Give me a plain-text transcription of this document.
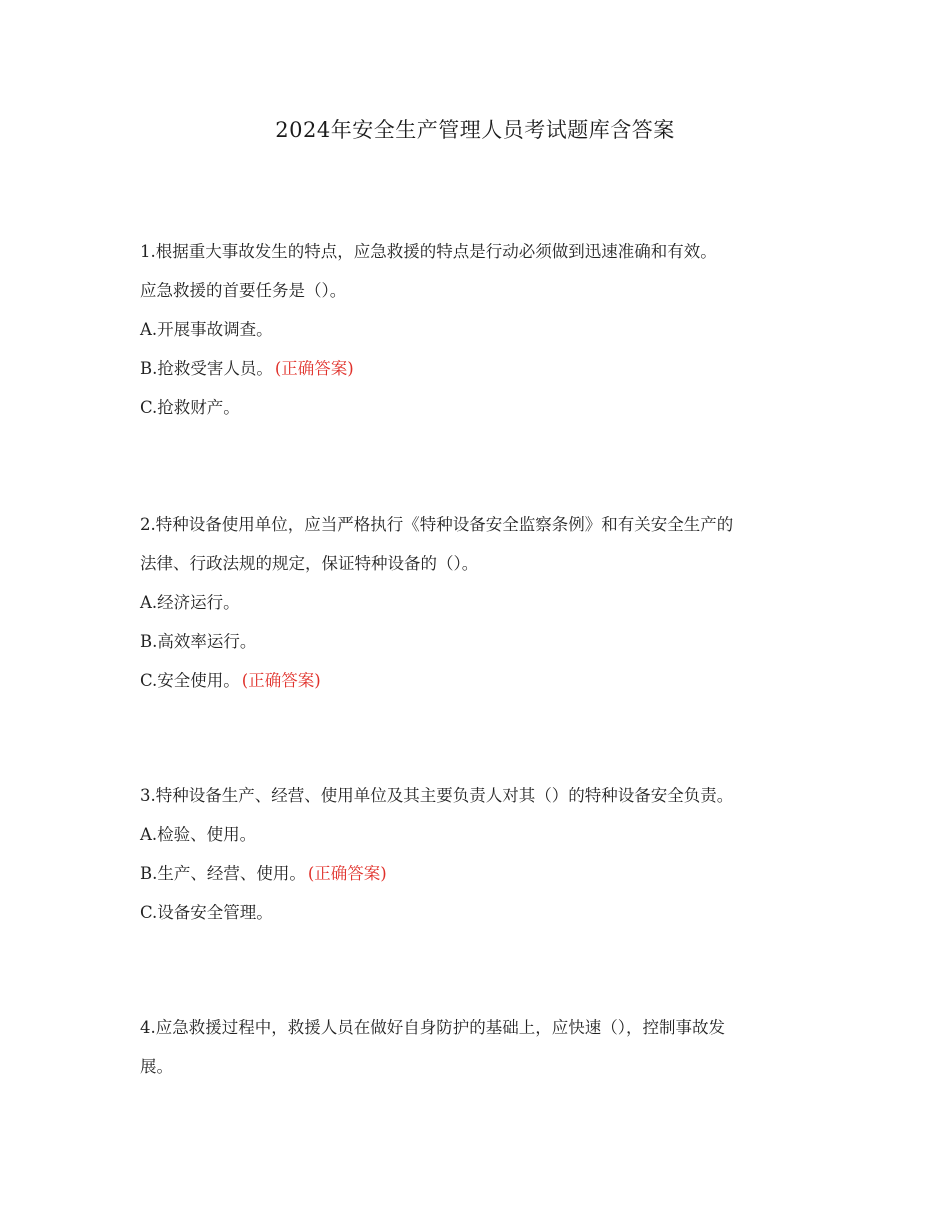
2024年安全生产管理人员考试题库含答案
1.根据重大事故发生的特点，应急救援的特点是行动必须做到迅速准确和有效。
应急救援的首要任务是（）。
A.开展事故调查。
B.抢救受害人员。 (正确答案)
C.抢救财产。
2.特种设备使用单位，应当严格执行《特种设备安全监察条例》和有关安全生产的
法律、行政法规的规定，保证特种设备的（）。
A.经济运行。
B.高效率运行。
C.安全使用。 (正确答案)
3.特种设备生产、经营、使用单位及其主要负责人对其（）的特种设备安全负责。
A.检验、使用。
B.生产、经营、使用。 (正确答案)
C.设备安全管理。
4.应急救援过程中，救援人员在做好自身防护的基础上，应快速（），控制事故发
展。
